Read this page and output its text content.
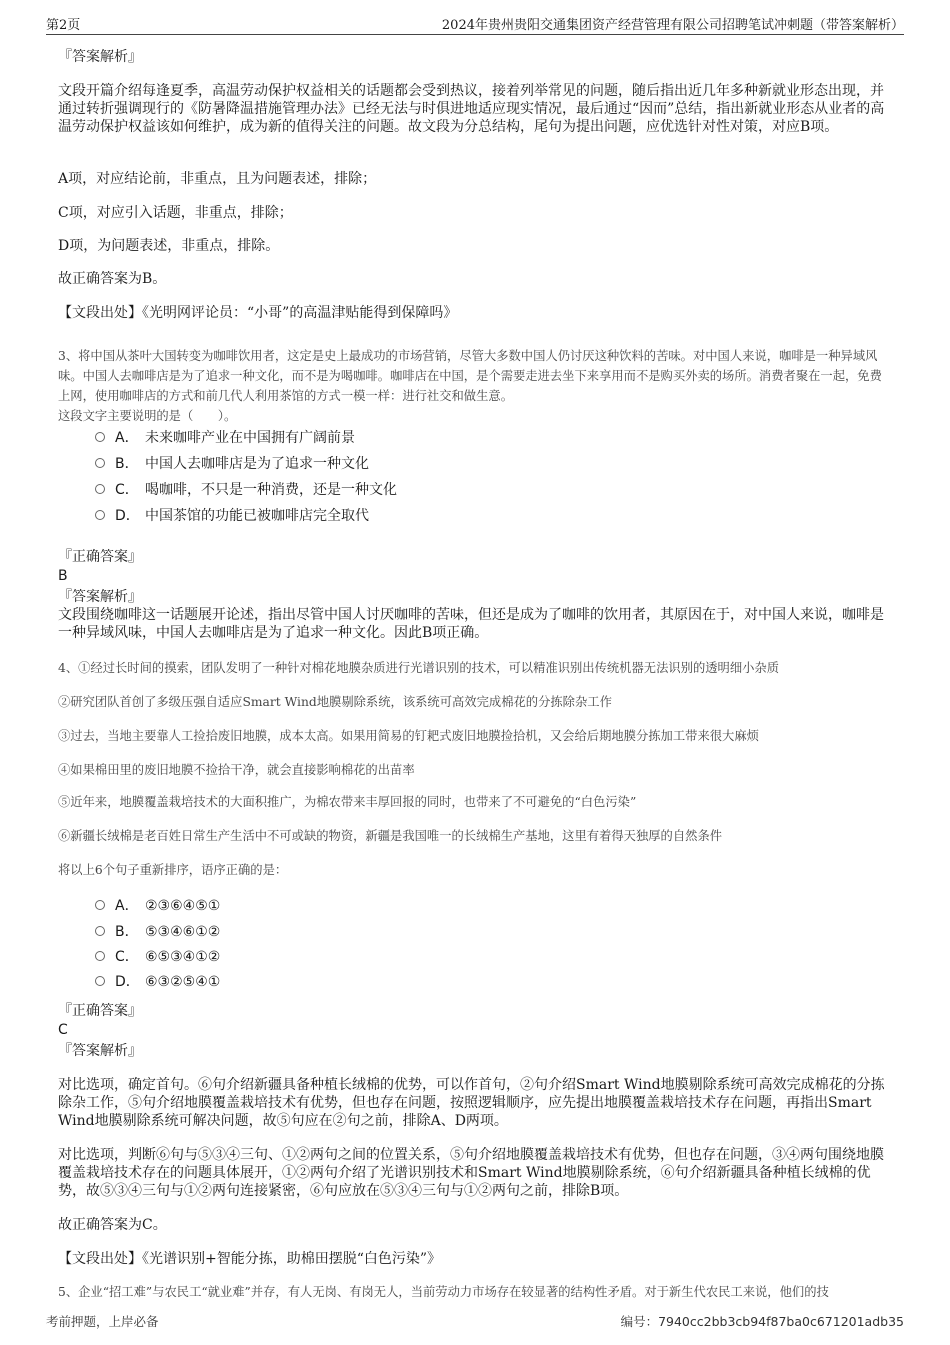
第2页	2024年贵州贵阳交通集团资产经营管理有限公司招聘笔试冲刺题（带答案解析）

『答案解析』

文段开篇介绍每逢夏季，高温劳动保护权益相关的话题都会受到热议，接着列举常见的问题，随后指出近几年多种新就业形态出现，并通过转折强调现行的《防暑降温措施管理办法》已经无法与时俱进地适应现实情况，最后通过“因而”总结，指出新就业形态从业者的高温劳动保护权益该如何维护，成为新的值得关注的问题。故文段为分总结构，尾句为提出问题，应优选针对性对策，对应B项。

A项，对应结论前，非重点，且为问题表述，排除；

C项，对应引入话题，非重点，排除；

D项，为问题表述，非重点，排除。

故正确答案为B。

【文段出处】《光明网评论员：“小哥”的高温津贴能得到保障吗》

3、将中国从茶叶大国转变为咖啡饮用者，这定是史上最成功的市场营销，尽管大多数中国人仍讨厌这种饮料的苦味。对中国人来说，咖啡是一种异域风味。中国人去咖啡店是为了追求一种文化，而不是为喝咖啡。咖啡店在中国，是个需要走进去坐下来享用而不是购买外卖的场所。消费者聚在一起，免费上网，使用咖啡店的方式和前几代人利用茶馆的方式一模一样：进行社交和做生意。

这段文字主要说明的是（　　）。

A． 未来咖啡产业在中国拥有广阔前景
B． 中国人去咖啡店是为了追求一种文化
C． 喝咖啡，不只是一种消费，还是一种文化
D． 中国茶馆的功能已被咖啡店完全取代

『正确答案』

B

『答案解析』

文段围绕咖啡这一话题展开论述，指出尽管中国人讨厌咖啡的苦味，但还是成为了咖啡的饮用者，其原因在于，对中国人来说，咖啡是一种异域风味，中国人去咖啡店是为了追求一种文化。因此B项正确。

4、①经过长时间的摸索，团队发明了一种针对棉花地膜杂质进行光谱识别的技术，可以精准识别出传统机器无法识别的透明细小杂质

②研究团队首创了多级压强自适应Smart Wind地膜剔除系统，该系统可高效完成棉花的分拣除杂工作

③过去，当地主要靠人工捡拾废旧地膜，成本太高。如果用简易的钉耙式废旧地膜捡拾机，又会给后期地膜分拣加工带来很大麻烦

④如果棉田里的废旧地膜不捡拾干净，就会直接影响棉花的出苗率

⑤近年来，地膜覆盖栽培技术的大面积推广，为棉农带来丰厚回报的同时，也带来了不可避免的“白色污染”

⑥新疆长绒棉是老百姓日常生产生活中不可或缺的物资，新疆是我国唯一的长绒棉生产基地，这里有着得天独厚的自然条件

将以上6个句子重新排序，语序正确的是：

A． ②③⑥④⑤①
B． ⑤③④⑥①②
C． ⑥⑤③④①②
D． ⑥③②⑤④①

『正确答案』

C

『答案解析』

对比选项，确定首句。⑥句介绍新疆具备种植长绒棉的优势，可以作首句，②句介绍Smart Wind地膜剔除系统可高效完成棉花的分拣除杂工作，⑤句介绍地膜覆盖栽培技术有优势，但也存在问题，按照逻辑顺序，应先提出地膜覆盖栽培技术存在问题，再指出Smart Wind地膜剔除系统可解决问题，故⑤句应在②句之前，排除A、D两项。

对比选项，判断⑥句与⑤③④三句、①②两句之间的位置关系，⑤句介绍地膜覆盖栽培技术有优势，但也存在问题，③④两句围绕地膜覆盖栽培技术存在的问题具体展开，①②两句介绍了光谱识别技术和Smart Wind地膜剔除系统，⑥句介绍新疆具备种植长绒棉的优势，故⑤③④三句与①②两句连接紧密，⑥句应放在⑤③④三句与①②两句之前，排除B项。

故正确答案为C。

【文段出处】《光谱识别+智能分拣，助棉田摆脱“白色污染”》

5、企业“招工难”与农民工“就业难”并存，有人无岗、有岗无人，当前劳动力市场存在较显著的结构性矛盾。对于新生代农民工来说，他们的技

考前押题，上岸必备	编号：7940cc2bb3cb94f87ba0c671201adb35
